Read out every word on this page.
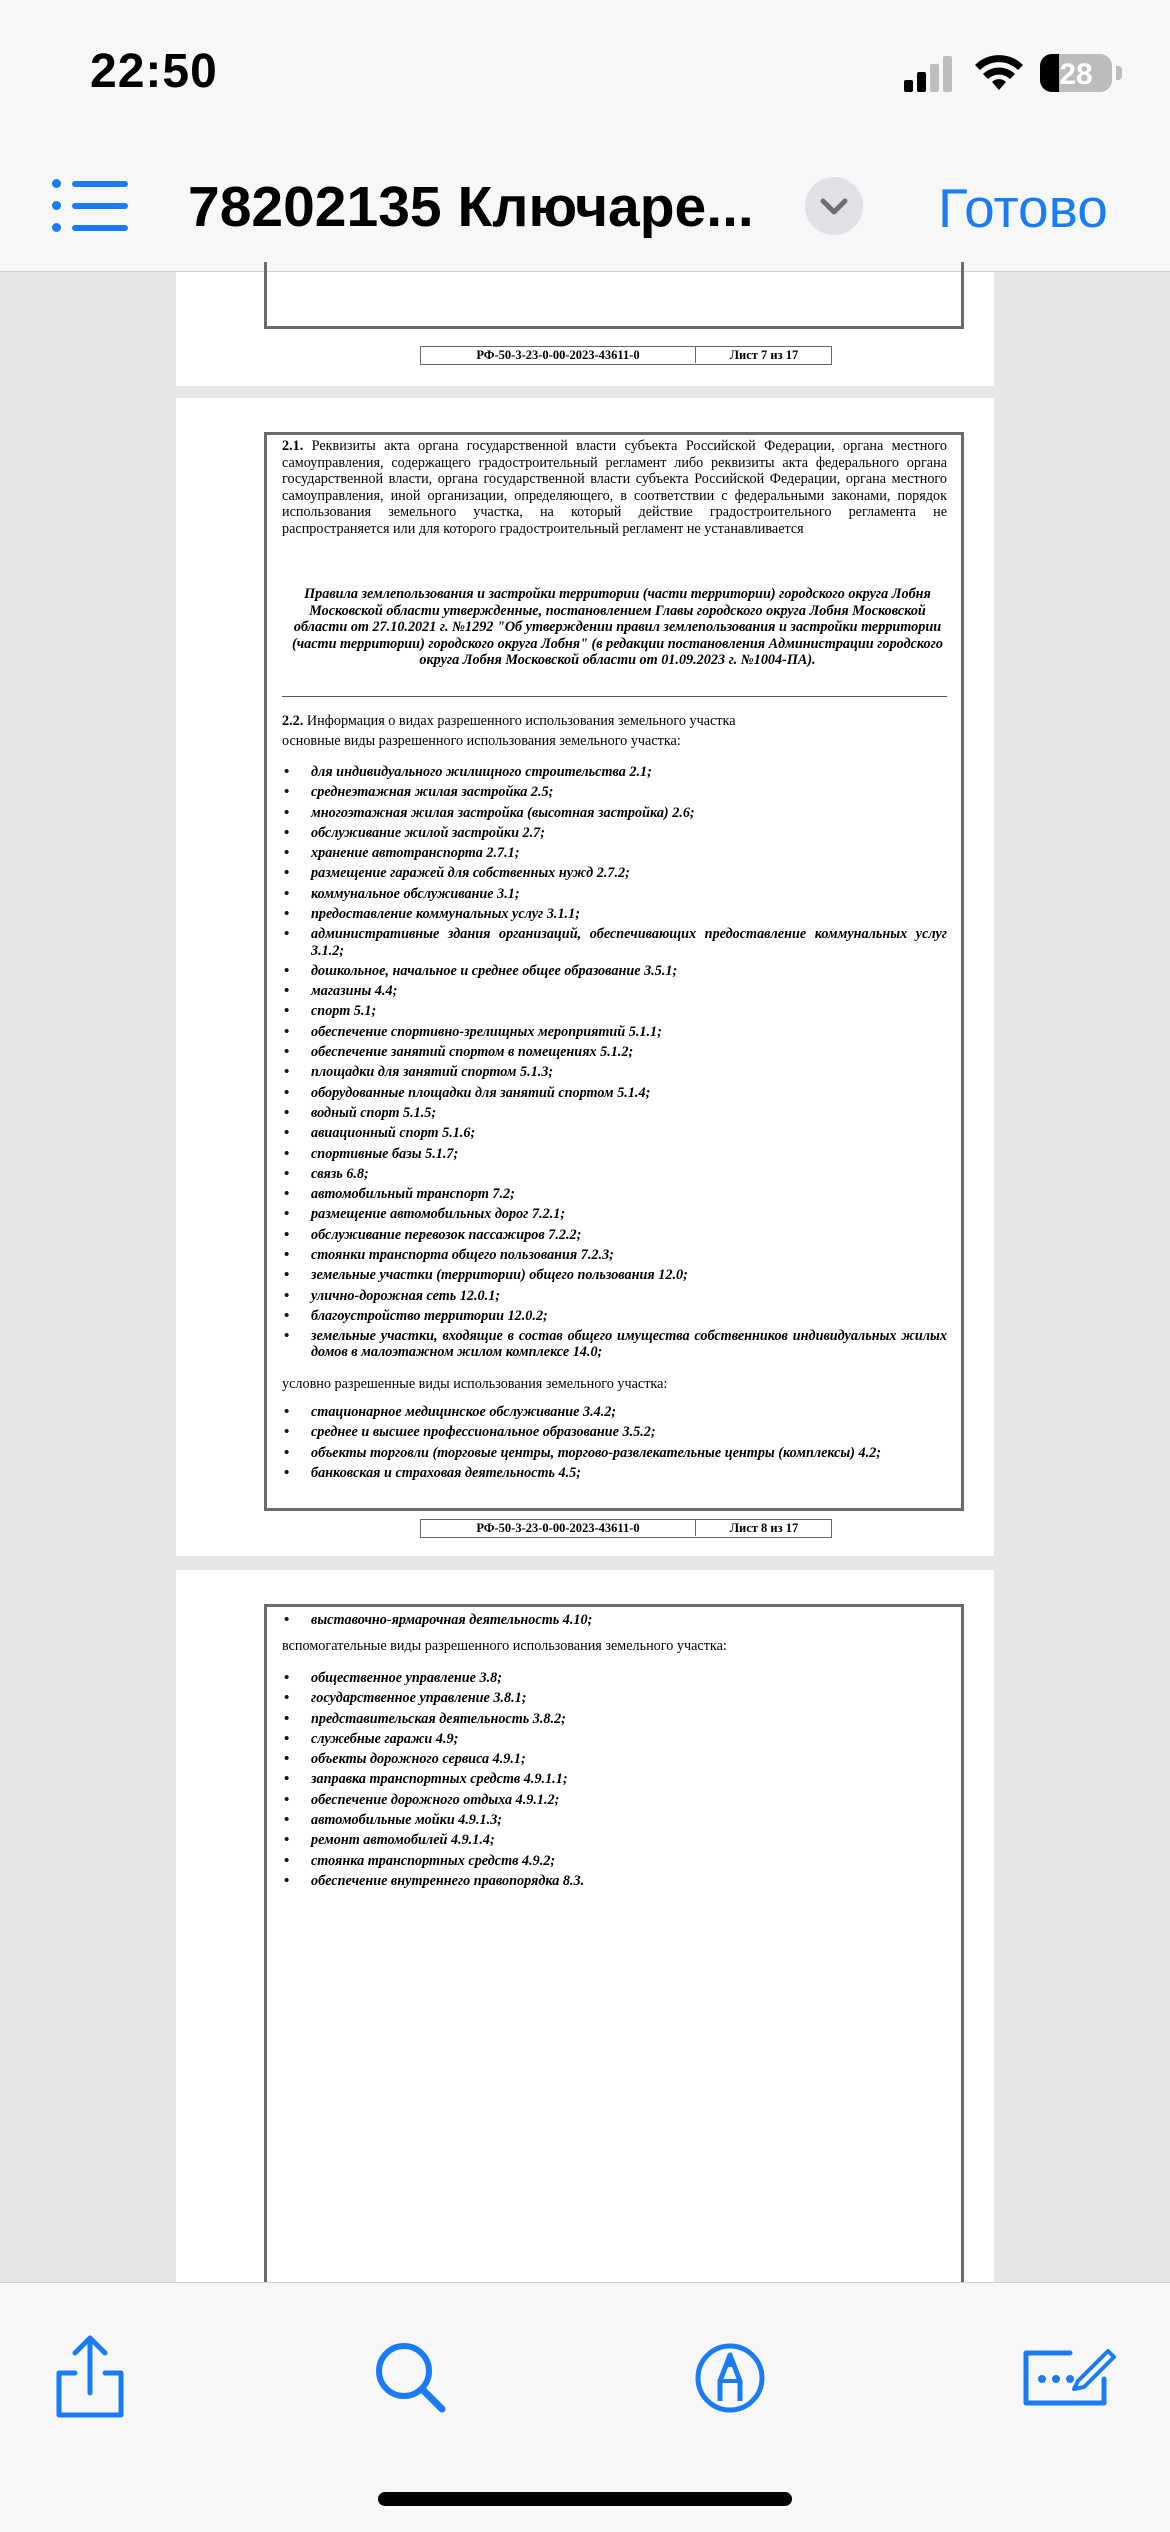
22:50	28
78202135 Ключаре...	Готово
РФ-50-3-23-0-00-2023-43611-0	Лист 7 из 17
2.1. Реквизиты акта органа государственной власти субъекта Российской Федерации, органа местного самоуправления, содержащего градостроительный регламент либо реквизиты акта федерального органа государственной власти, органа государственной власти субъекта Российской Федерации, органа местного самоуправления, иной организации, определяющего, в соответствии с федеральными законами, порядок использования земельного участка, на который действие градостроительного регламента не распространяется или для которого градостроительный регламент не устанавливается
Правила землепользования и застройки территории (части территории) городского округа Лобня Московской области утвержденные, постановлением Главы городского округа Лобня Московской области от 27.10.2021 г. №1292 "Об утверждении правил землепользования и застройки территории (части территории) городского округа Лобня" (в редакции постановления Администрации городского округа Лобня Московской области от 01.09.2023 г. №1004-ПА).
2.2. Информация о видах разрешенного использования земельного участка
основные виды разрешенного использования земельного участка:
• для индивидуального жилищного строительства 2.1;
• среднеэтажная жилая застройка 2.5;
• многоэтажная жилая застройка (высотная застройка) 2.6;
• обслуживание жилой застройки 2.7;
• хранение автотранспорта 2.7.1;
• размещение гаражей для собственных нужд 2.7.2;
• коммунальное обслуживание 3.1;
• предоставление коммунальных услуг 3.1.1;
• административные здания организаций, обеспечивающих предоставление коммунальных услуг 3.1.2;
• дошкольное, начальное и среднее общее образование 3.5.1;
• магазины 4.4;
• спорт 5.1;
• обеспечение спортивно-зрелищных мероприятий 5.1.1;
• обеспечение занятий спортом в помещениях 5.1.2;
• площадки для занятий спортом 5.1.3;
• оборудованные площадки для занятий спортом 5.1.4;
• водный спорт 5.1.5;
• авиационный спорт 5.1.6;
• спортивные базы 5.1.7;
• связь 6.8;
• автомобильный транспорт 7.2;
• размещение автомобильных дорог 7.2.1;
• обслуживание перевозок пассажиров 7.2.2;
• стоянки транспорта общего пользования 7.2.3;
• земельные участки (территории) общего пользования 12.0;
• улично-дорожная сеть 12.0.1;
• благоустройство территории 12.0.2;
• земельные участки, входящие в состав общего имущества собственников индивидуальных жилых домов в малоэтажном жилом комплексе 14.0;
условно разрешенные виды использования земельного участка:
• стационарное медицинское обслуживание 3.4.2;
• среднее и высшее профессиональное образование 3.5.2;
• объекты торговли (торговые центры, торгово-развлекательные центры (комплексы) 4.2;
• банковская и страховая деятельность 4.5;
РФ-50-3-23-0-00-2023-43611-0	Лист 8 из 17
• выставочно-ярмарочная деятельность 4.10;
вспомогательные виды разрешенного использования земельного участка:
• общественное управление 3.8;
• государственное управление 3.8.1;
• представительская деятельность 3.8.2;
• служебные гаражи 4.9;
• объекты дорожного сервиса 4.9.1;
• заправка транспортных средств 4.9.1.1;
• обеспечение дорожного отдыха 4.9.1.2;
• автомобильные мойки 4.9.1.3;
• ремонт автомобилей 4.9.1.4;
• стоянка транспортных средств 4.9.2;
• обеспечение внутреннего правопорядка 8.3.
